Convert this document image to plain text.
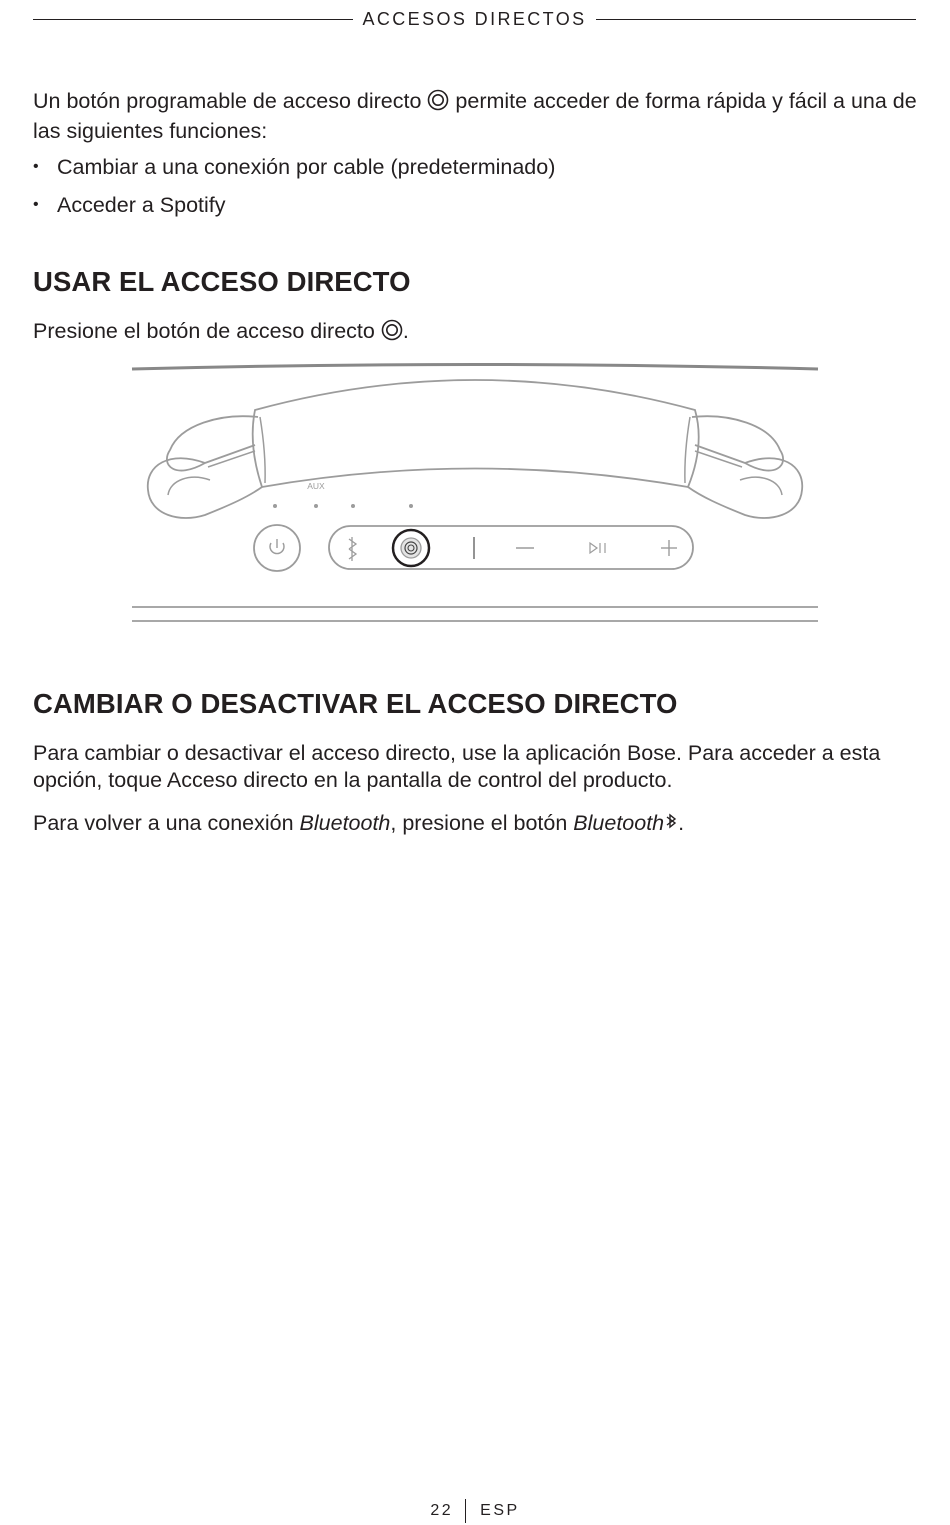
ACCESOS DIRECTOS

Un botón programable de acceso directo permite acceder de forma rápida y fácil a una de las siguientes funciones:

• Cambiar a una conexión por cable (predeterminado)
• Acceder a Spotify
USAR EL ACCESO DIRECTO

Presione el botón de acceso directo .

AUX
CAMBIAR O DESACTIVAR EL ACCESO DIRECTO

Para cambiar o desactivar el acceso directo, use la aplicación Bose. Para acceder a esta opción, toque Acceso directo en la pantalla de control del producto.

Para volver a una conexión Bluetooth, presione el botón Bluetooth .

22 ESP
